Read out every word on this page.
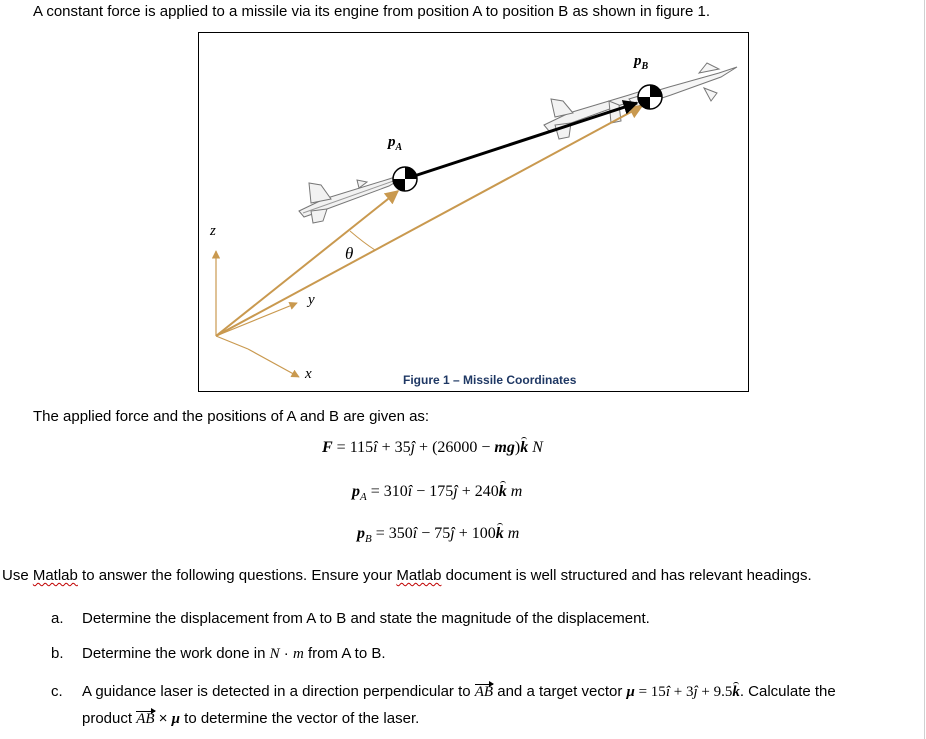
A constant force is applied to a missile via its engine from position A to position B as shown in figure 1.
$p_A$
$p_B$
θ
z
y
x	Figure 1 – Missile Coordinates
The applied force and the positions of A and B are given as:
F = 115î + 35ĵ + (26000 − mg)k N
$p_A$ = 310î − 175ĵ + 240k m
$p_B$ = 350î − 75ĵ + 100k m
Use Matlab to answer the following questions. Ensure your Matlab document is well structured and has relevant headings.
a. Determine the displacement from A to B and state the magnitude of the displacement.
b. Determine the work done in N · m from A to B.
c. A guidance laser is detected in a direction perpendicular to AB and a target vector μ = 15î + 3ĵ + 9.5k. Calculate the
product AB × μ to determine the vector of the laser.
